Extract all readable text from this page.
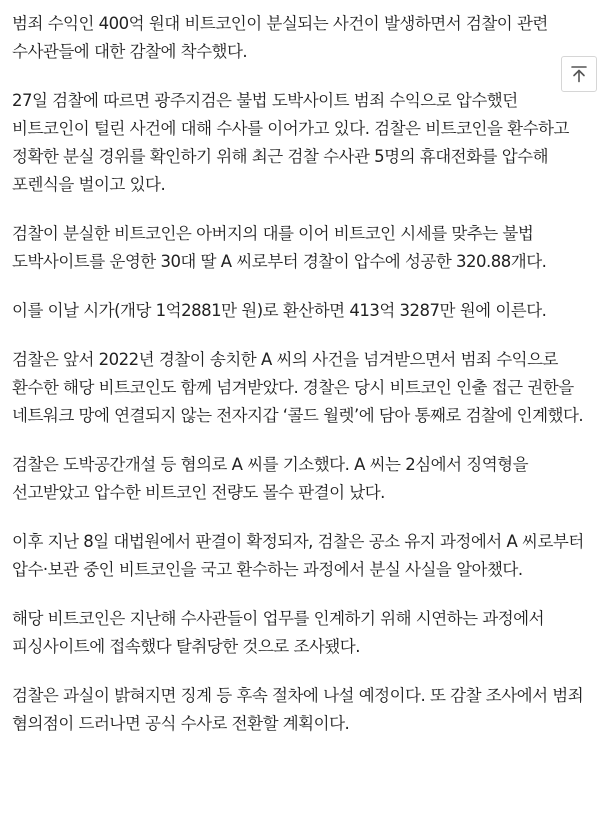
범죄 수익인 400억 원대 비트코인이 분실되는 사건이 발생하면서 검찰이 관련 수사관들에 대한 감찰에 착수했다.

27일 검찰에 따르면 광주지검은 불법 도박사이트 범죄 수익으로 압수했던 비트코인이 털린 사건에 대해 수사를 이어가고 있다. 검찰은 비트코인을 환수하고 정확한 분실 경위를 확인하기 위해 최근 검찰 수사관 5명의 휴대전화를 압수해 포렌식을 벌이고 있다.

검찰이 분실한 비트코인은 아버지의 대를 이어 비트코인 시세를 맞추는 불법 도박사이트를 운영한 30대 딸 A 씨로부터 경찰이 압수에 성공한 320.88개다.

이를 이날 시가(개당 1억2881만 원)로 환산하면 413억 3287만 원에 이른다.

검찰은 앞서 2022년 경찰이 송치한 A 씨의 사건을 넘겨받으면서 범죄 수익으로 환수한 해당 비트코인도 함께 넘겨받았다. 경찰은 당시 비트코인 인출 접근 권한을 네트워크 망에 연결되지 않는 전자지갑 ‘콜드 월렛’에 담아 통째로 검찰에 인계했다.

검찰은 도박공간개설 등 혐의로 A 씨를 기소했다. A 씨는 2심에서 징역형을 선고받았고 압수한 비트코인 전량도 몰수 판결이 났다.

이후 지난 8일 대법원에서 판결이 확정되자, 검찰은 공소 유지 과정에서 A 씨로부터 압수·보관 중인 비트코인을 국고 환수하는 과정에서 분실 사실을 알아챘다.

해당 비트코인은 지난해 수사관들이 업무를 인계하기 위해 시연하는 과정에서 피싱사이트에 접속했다 탈취당한 것으로 조사됐다.

검찰은 과실이 밝혀지면 징계 등 후속 절차에 나설 예정이다. 또 감찰 조사에서 범죄 혐의점이 드러나면 공식 수사로 전환할 계획이다.
